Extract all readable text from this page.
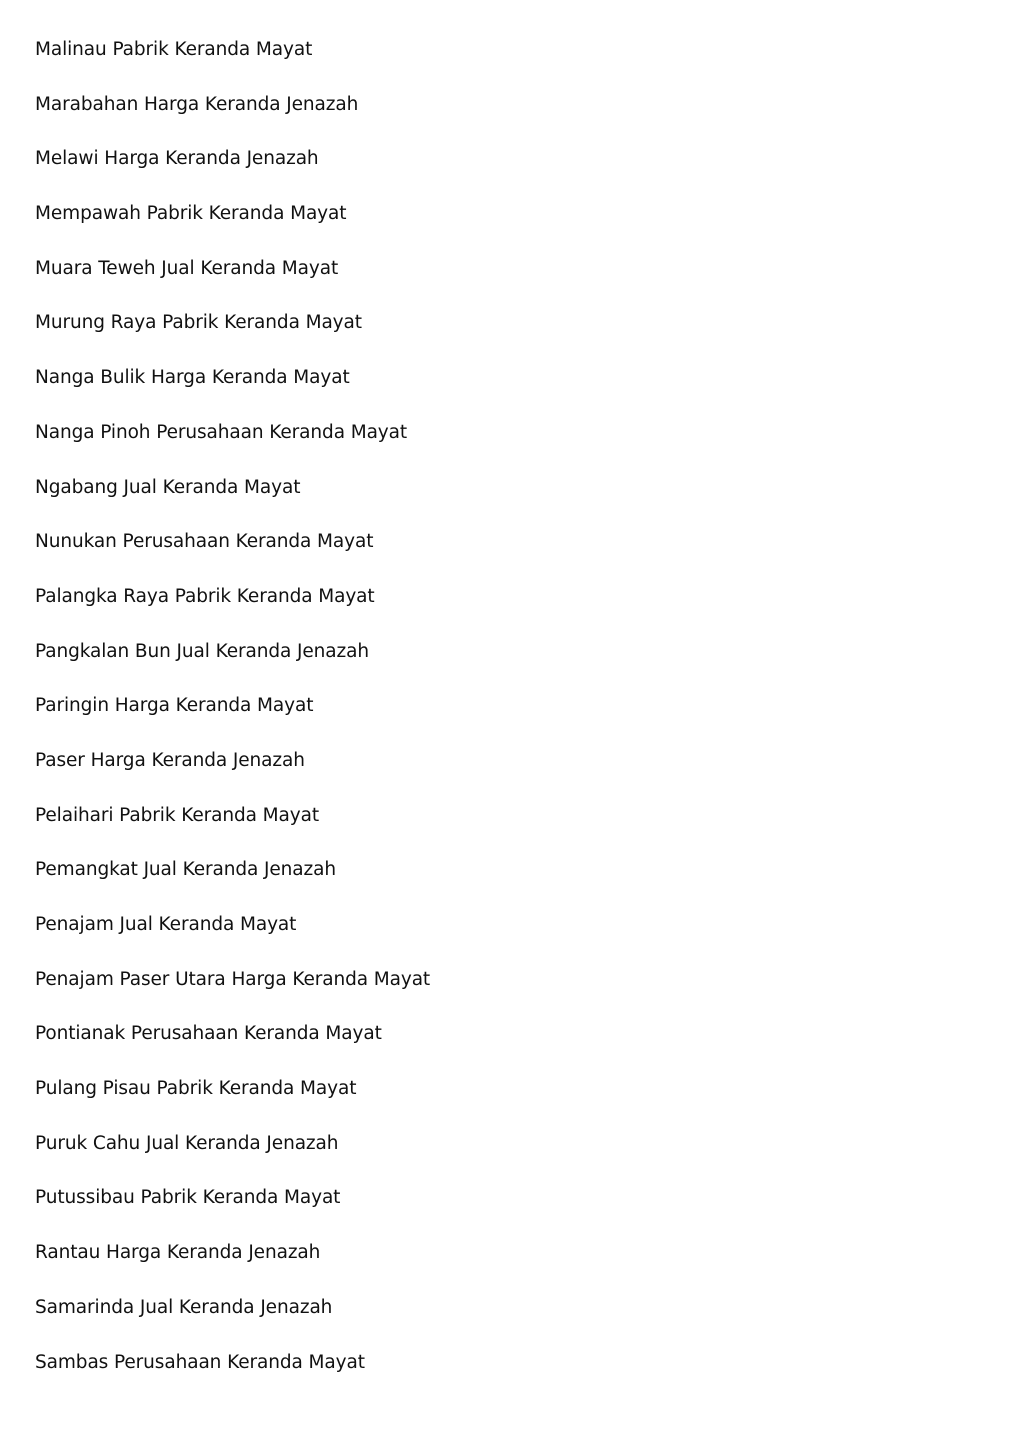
Malinau Pabrik Keranda Mayat
Marabahan Harga Keranda Jenazah
Melawi Harga Keranda Jenazah
Mempawah Pabrik Keranda Mayat
Muara Teweh Jual Keranda Mayat
Murung Raya Pabrik Keranda Mayat
Nanga Bulik Harga Keranda Mayat
Nanga Pinoh Perusahaan Keranda Mayat
Ngabang Jual Keranda Mayat
Nunukan Perusahaan Keranda Mayat
Palangka Raya Pabrik Keranda Mayat
Pangkalan Bun Jual Keranda Jenazah
Paringin Harga Keranda Mayat
Paser Harga Keranda Jenazah
Pelaihari Pabrik Keranda Mayat
Pemangkat Jual Keranda Jenazah
Penajam Jual Keranda Mayat
Penajam Paser Utara Harga Keranda Mayat
Pontianak Perusahaan Keranda Mayat
Pulang Pisau Pabrik Keranda Mayat
Puruk Cahu Jual Keranda Jenazah
Putussibau Pabrik Keranda Mayat
Rantau Harga Keranda Jenazah
Samarinda Jual Keranda Jenazah
Sambas Perusahaan Keranda Mayat
